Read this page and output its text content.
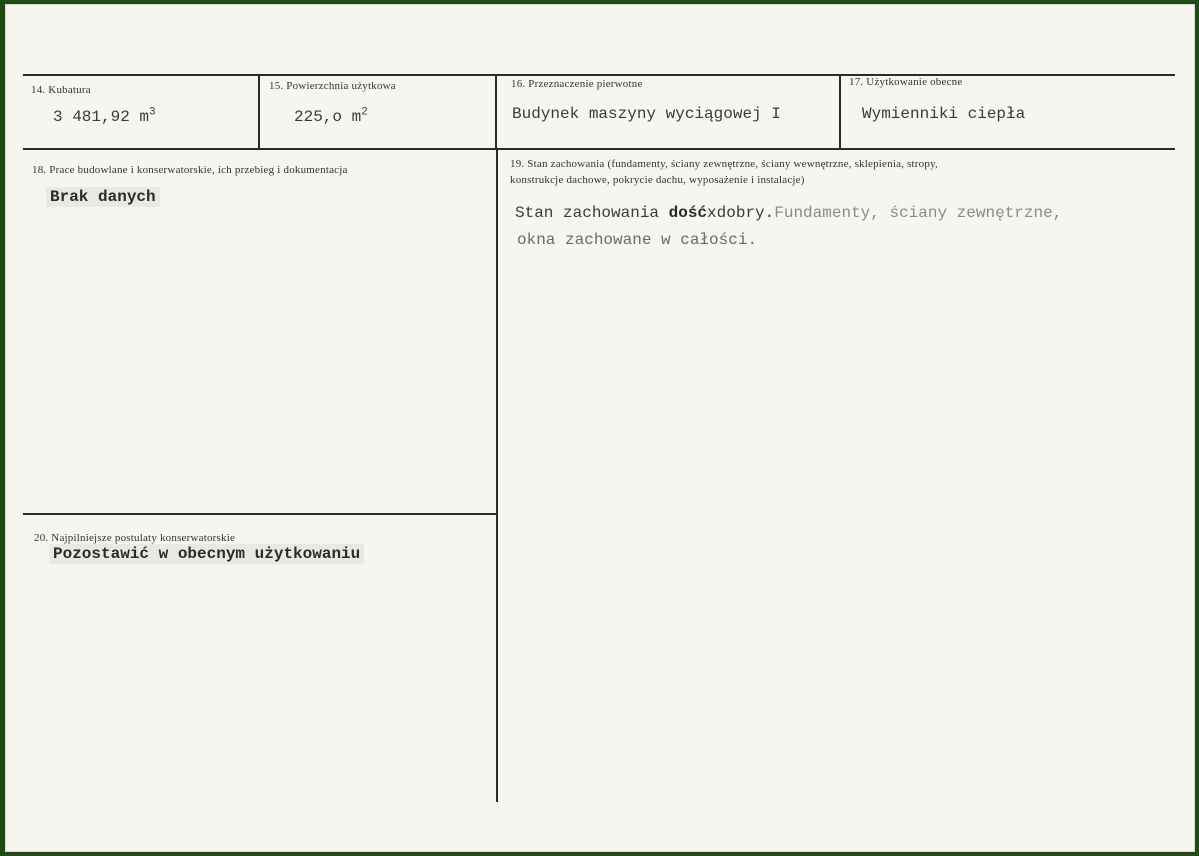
14. Kubatura
3 481,92 $m^3$
15. Powierzchnia użytkowa
225,o $m^2$
16. Przeznaczenie pierwotne
Budynek maszyny wyciągowej I
17. Użytkowanie obecne
Wymienniki ciepła
18. Prace budowlane i konserwatorskie, ich przebieg i dokumentacja
Brak danych
19. Stan zachowania (fundamenty, ściany zewnętrzne, ściany wewnętrzne, sklepienia, stropy,
konstrukcje dachowe, pokrycie dachu, wyposażenie i instalacje)
Stan zachowania dośćxdobry.Fundamenty, ściany zewnętrzne,
okna zachowane w całości.
20. Najpilniejsze postulaty konserwatorskie
Pozostawić w obecnym użytkowaniu
